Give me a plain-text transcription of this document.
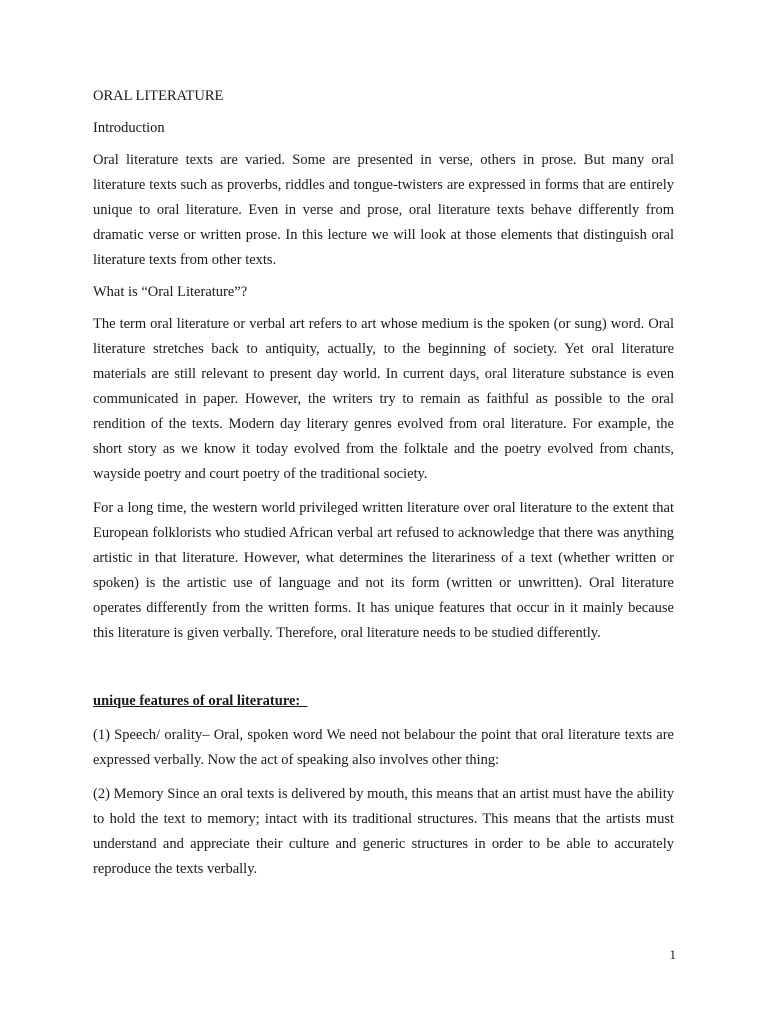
ORAL LITERATURE
Introduction

Oral literature texts are varied. Some are presented in verse, others in prose. But many oral literature texts such as proverbs, riddles and tongue-twisters are expressed in forms that are entirely unique to oral literature. Even in verse and prose, oral literature texts behave differently from dramatic verse or written prose. In this lecture we will look at those elements that distinguish oral literature texts from other texts.

What is “Oral Literature”?

The term oral literature or verbal art refers to art whose medium is the spoken (or sung) word. Oral literature stretches back to antiquity, actually, to the beginning of society. Yet oral literature materials are still relevant to present day world. In current days, oral literature substance is even communicated in paper. However, the writers try to remain as faithful as possible to the oral rendition of the texts. Modern day literary genres evolved from oral literature. For example, the short story as we know it today evolved from the folktale and the poetry evolved from chants, wayside poetry and court poetry of the traditional society.

For a long time, the western world privileged written literature over oral literature to the extent that European folklorists who studied African verbal art refused to acknowledge that there was anything artistic in that literature. However, what determines the literariness of a text (whether written or spoken) is the artistic use of language and not its form (written or unwritten). Oral literature operates differently from the written forms. It has unique features that occur in it mainly because this literature is given verbally. Therefore, oral literature needs to be studied differently.

unique features of oral literature:

(1) Speech/ orality– Oral, spoken word We need not belabour the point that oral literature texts are expressed verbally. Now the act of speaking also involves other thing:

(2) Memory Since an oral texts is delivered by mouth, this means that an artist must have the ability to hold the text to memory; intact with its traditional structures. This means that the artists must understand and appreciate their culture and generic structures in order to be able to accurately reproduce the texts verbally.

1
